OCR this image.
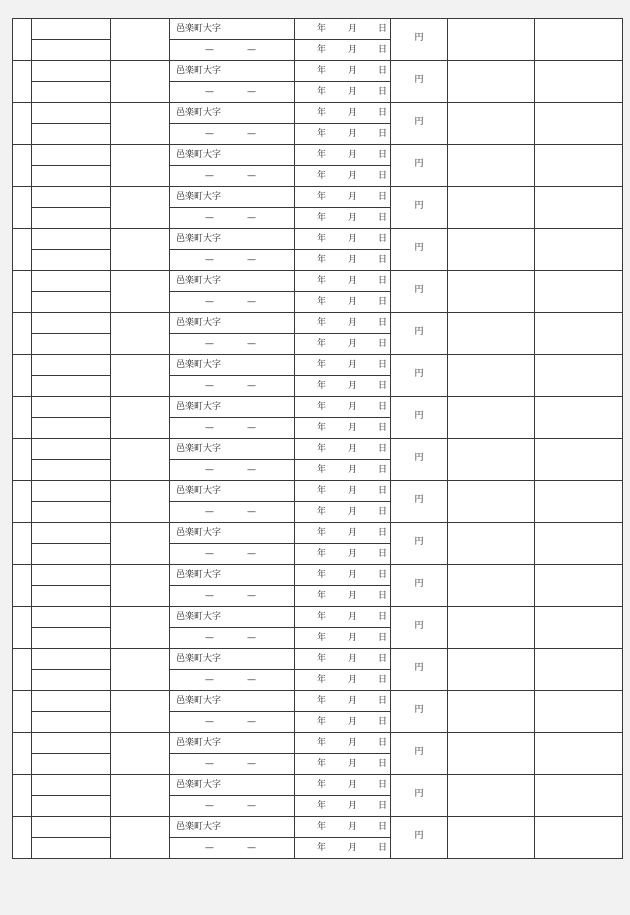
			邑楽町大字	年 月 日	円		

			— —	年 月 日			

			邑楽町大字	年 月 日	円		

			— —	年 月 日			

			邑楽町大字	年 月 日	円		

			— —	年 月 日			

			邑楽町大字	年 月 日	円		

			— —	年 月 日			

			邑楽町大字	年 月 日	円		

			— —	年 月 日			

			邑楽町大字	年 月 日	円		

			— —	年 月 日			

			邑楽町大字	年 月 日	円		

			— —	年 月 日			

			邑楽町大字	年 月 日	円		

			— —	年 月 日			

			邑楽町大字	年 月 日	円		

			— —	年 月 日			

			邑楽町大字	年 月 日	円		

			— —	年 月 日			

			邑楽町大字	年 月 日	円		

			— —	年 月 日			

			邑楽町大字	年 月 日	円		

			— —	年 月 日			

			邑楽町大字	年 月 日	円		

			— —	年 月 日			

			邑楽町大字	年 月 日	円		

			— —	年 月 日			

			邑楽町大字	年 月 日	円		

			— —	年 月 日			

			邑楽町大字	年 月 日	円		

			— —	年 月 日			

			邑楽町大字	年 月 日	円		

			— —	年 月 日			

			邑楽町大字	年 月 日	円		

			— —	年 月 日			

			邑楽町大字	年 月 日	円		

			— —	年 月 日			

			邑楽町大字	年 月 日	円		

			— —	年 月 日			
